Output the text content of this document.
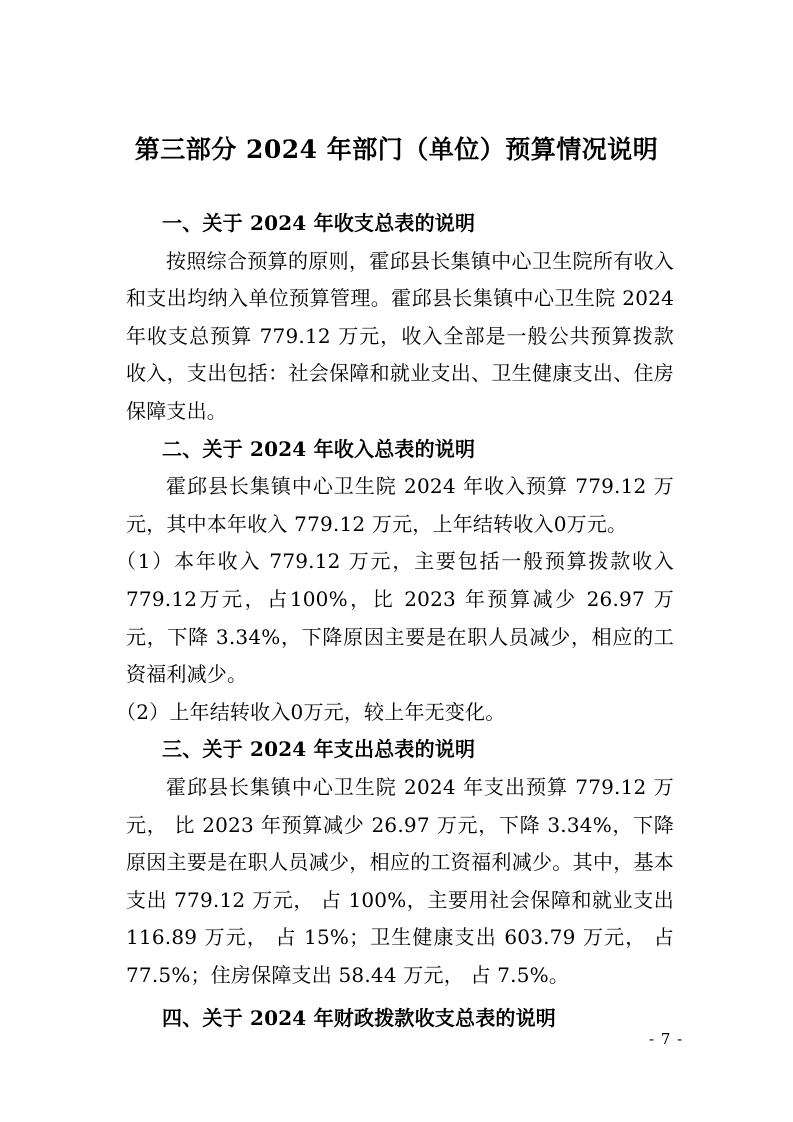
第三部分 2024 年部门（单位）预算情况说明

一、关于 2024 年收支总表的说明

按照综合预算的原则，霍邱县长集镇中心卫生院所有收入和支出均纳入单位预算管理。霍邱县长集镇中心卫生院 2024 年收支总预算 779.12 万元，收入全部是一般公共预算拨款收入，支出包括：社会保障和就业支出、卫生健康支出、住房保障支出。

二、关于 2024 年收入总表的说明

霍邱县长集镇中心卫生院 2024 年收入预算 779.12 万元，其中本年收入 779.12 万元，上年结转收入0万元。

（1）本年收入 779.12 万元，主要包括一般预算拨款收入 779.12万元，占100%，比 2023 年预算减少 26.97 万元，下降 3.34%，下降原因主要是在职人员减少，相应的工资福利减少。

（2）上年结转收入0万元，较上年无变化。

三、关于 2024 年支出总表的说明

霍邱县长集镇中心卫生院 2024 年支出预算 779.12 万元， 比 2023 年预算减少 26.97 万元，下降 3.34%，下降原因主要是在职人员减少，相应的工资福利减少。其中，基本支出 779.12 万元， 占 100%，主要用社会保障和就业支出 116.89 万元， 占 15%；卫生健康支出 603.79 万元， 占 77.5%；住房保障支出 58.44 万元， 占 7.5%。

四、关于 2024 年财政拨款收支总表的说明

- 7 -
